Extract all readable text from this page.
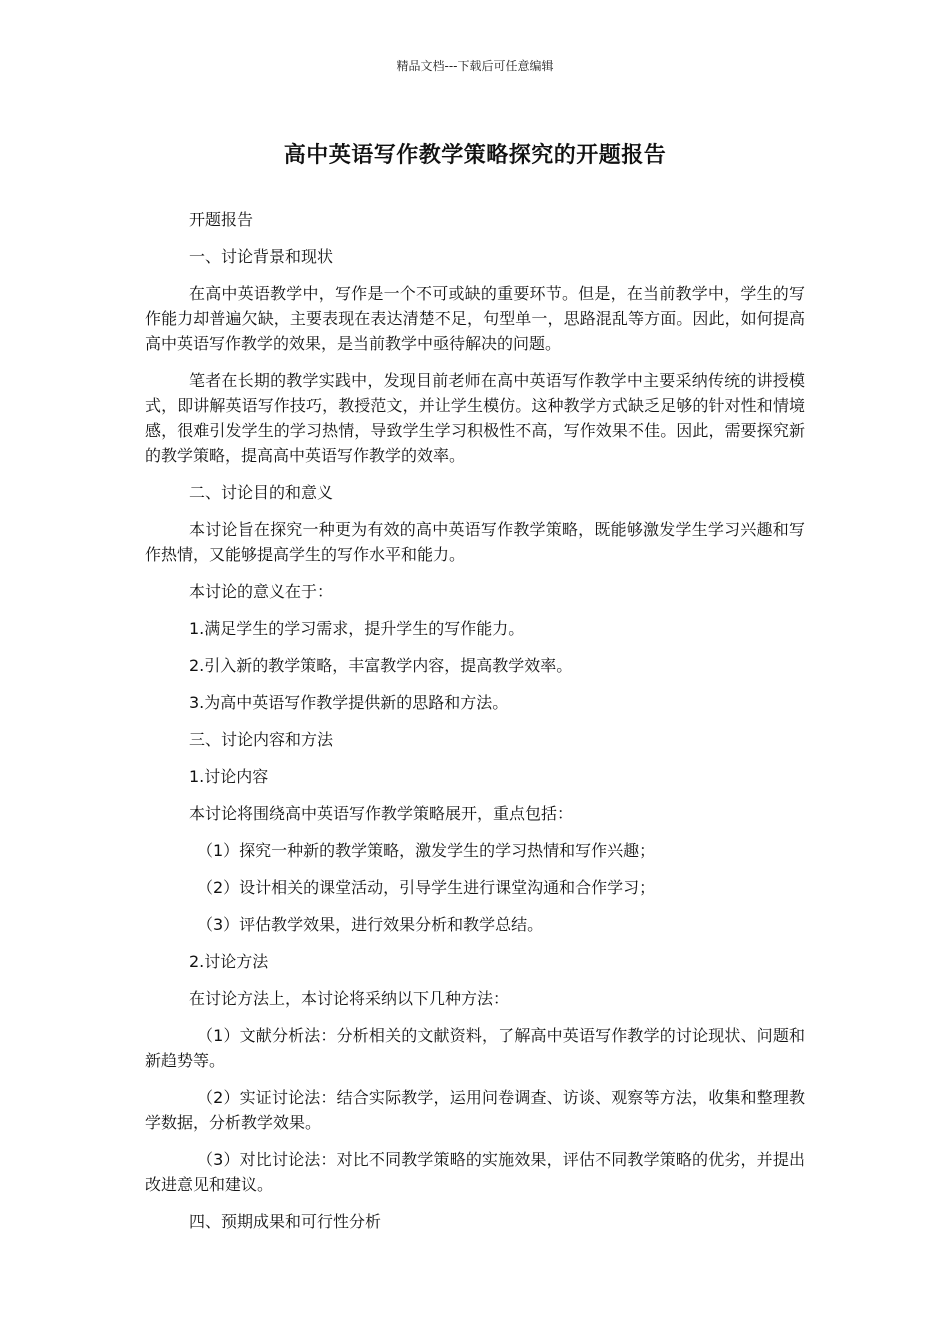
精品文档---下载后可任意编辑
高中英语写作教学策略探究的开题报告

开题报告

一、讨论背景和现状

在高中英语教学中，写作是一个不可或缺的重要环节。但是，在当前教学中，学生的写作能力却普遍欠缺，主要表现在表达清楚不足，句型单一，思路混乱等方面。因此，如何提高高中英语写作教学的效果，是当前教学中亟待解决的问题。

笔者在长期的教学实践中，发现目前老师在高中英语写作教学中主要采纳传统的讲授模式，即讲解英语写作技巧，教授范文，并让学生模仿。这种教学方式缺乏足够的针对性和情境感，很难引发学生的学习热情，导致学生学习积极性不高，写作效果不佳。因此，需要探究新的教学策略，提高高中英语写作教学的效率。

二、讨论目的和意义

本讨论旨在探究一种更为有效的高中英语写作教学策略，既能够激发学生学习兴趣和写作热情，又能够提高学生的写作水平和能力。

本讨论的意义在于：

1.满足学生的学习需求，提升学生的写作能力。

2.引入新的教学策略，丰富教学内容，提高教学效率。

3.为高中英语写作教学提供新的思路和方法。

三、讨论内容和方法

1.讨论内容

本讨论将围绕高中英语写作教学策略展开，重点包括：

（1）探究一种新的教学策略，激发学生的学习热情和写作兴趣；

（2）设计相关的课堂活动，引导学生进行课堂沟通和合作学习；

（3）评估教学效果，进行效果分析和教学总结。

2.讨论方法

在讨论方法上，本讨论将采纳以下几种方法：

（1）文献分析法：分析相关的文献资料，了解高中英语写作教学的讨论现状、问题和新趋势等。

（2）实证讨论法：结合实际教学，运用问卷调查、访谈、观察等方法，收集和整理教学数据，分析教学效果。

（3）对比讨论法：对比不同教学策略的实施效果，评估不同教学策略的优劣，并提出改进意见和建议。

四、预期成果和可行性分析
